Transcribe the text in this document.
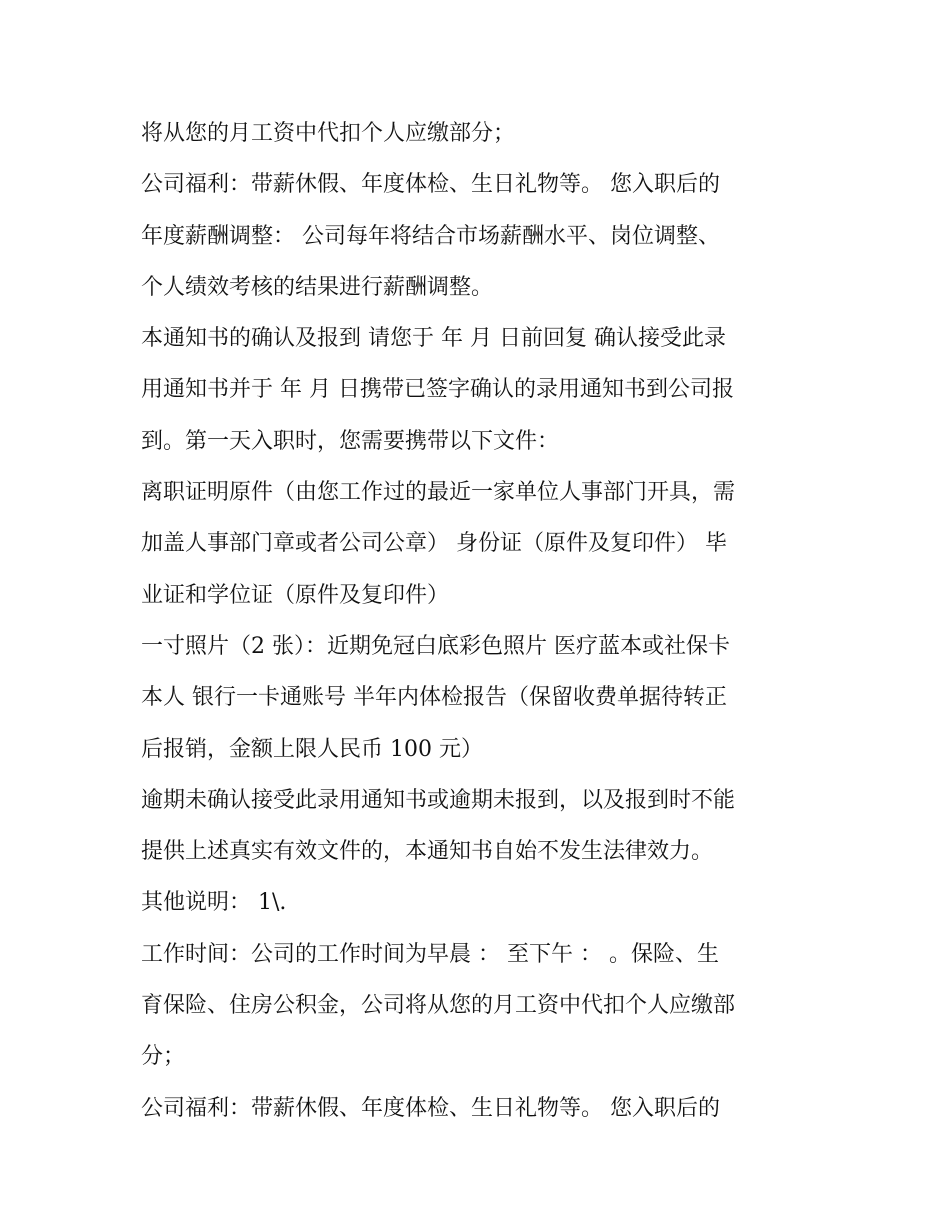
将从您的月工资中代扣个人应缴部分；
公司福利：带薪休假、年度体检、生日礼物等。 您入职后的
年度薪酬调整： 公司每年将结合市场薪酬水平、岗位调整、
个人绩效考核的结果进行薪酬调整。
本通知书的确认及报到 请您于 年 月 日前回复 确认接受此录
用通知书并于 年 月 日携带已签字确认的录用通知书到公司报
到。第一天入职时，您需要携带以下文件：
离职证明原件（由您工作过的最近一家单位人事部门开具，需
加盖人事部门章或者公司公章） 身份证（原件及复印件） 毕
业证和学位证（原件及复印件）
一寸照片（2 张）：近期免冠白底彩色照片 医疗蓝本或社保卡
本人 银行一卡通账号 半年内体检报告（保留收费单据待转正
后报销，金额上限人民币 100 元）
逾期未确认接受此录用通知书或逾期未报到，以及报到时不能
提供上述真实有效文件的，本通知书自始不发生法律效力。
其他说明： 1\.
工作时间：公司的工作时间为早晨 ： 至下午 ： 。保险、生
育保险、住房公积金，公司将从您的月工资中代扣个人应缴部
分；
公司福利：带薪休假、年度体检、生日礼物等。 您入职后的
